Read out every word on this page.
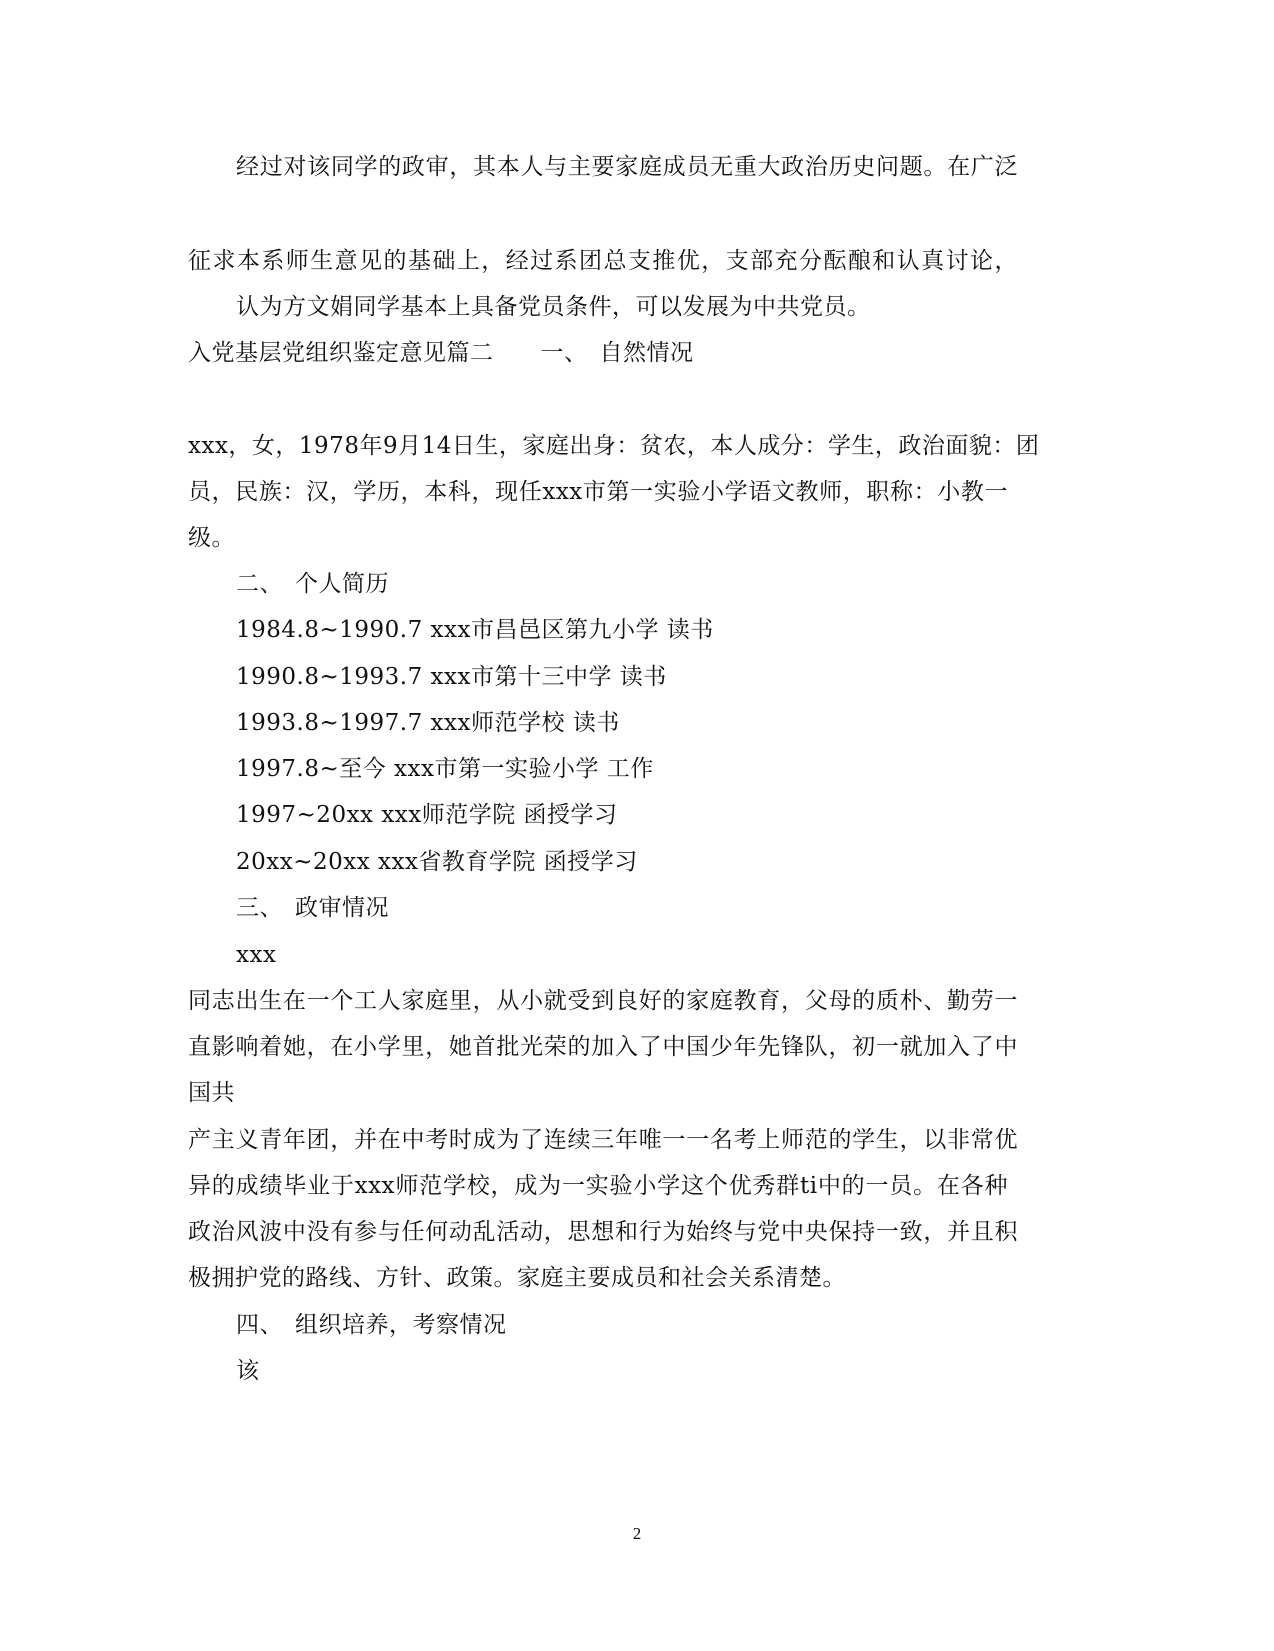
经过对该同学的政审，其本人与主要家庭成员无重大政治历史问题。在广泛
征求本系师生意见的基础上，经过系团总支推优，支部充分酝酿和认真讨论，
认为方文娟同学基本上具备党员条件，可以发展为中共党员。
入党基层党组织鉴定意见篇二　　一、　自然情况
xxx，女，1978年9月14日生，家庭出身：贫农，本人成分：学生，政治面貌：团
员，民族：汉，学历，本科，现任xxx市第一实验小学语文教师，职称：小教一
级。
二、　个人简历
1984.8~1990.7 xxx市昌邑区第九小学 读书
1990.8~1993.7 xxx市第十三中学 读书
1993.8~1997.7 xxx师范学校 读书
1997.8~至今 xxx市第一实验小学 工作
1997~20xx xxx师范学院 函授学习
20xx~20xx xxx省教育学院 函授学习
三、　政审情况
xxx
同志出生在一个工人家庭里，从小就受到良好的家庭教育，父母的质朴、勤劳一
直影响着她，在小学里，她首批光荣的加入了中国少年先锋队，初一就加入了中
国共
产主义青年团，并在中考时成为了连续三年唯一一名考上师范的学生，以非常优
异的成绩毕业于xxx师范学校，成为一实验小学这个优秀群ti中的一员。在各种
政治风波中没有参与任何动乱活动，思想和行为始终与党中央保持一致，并且积
极拥护党的路线、方针、政策。家庭主要成员和社会关系清楚。
四、　组织培养，考察情况
该
2
